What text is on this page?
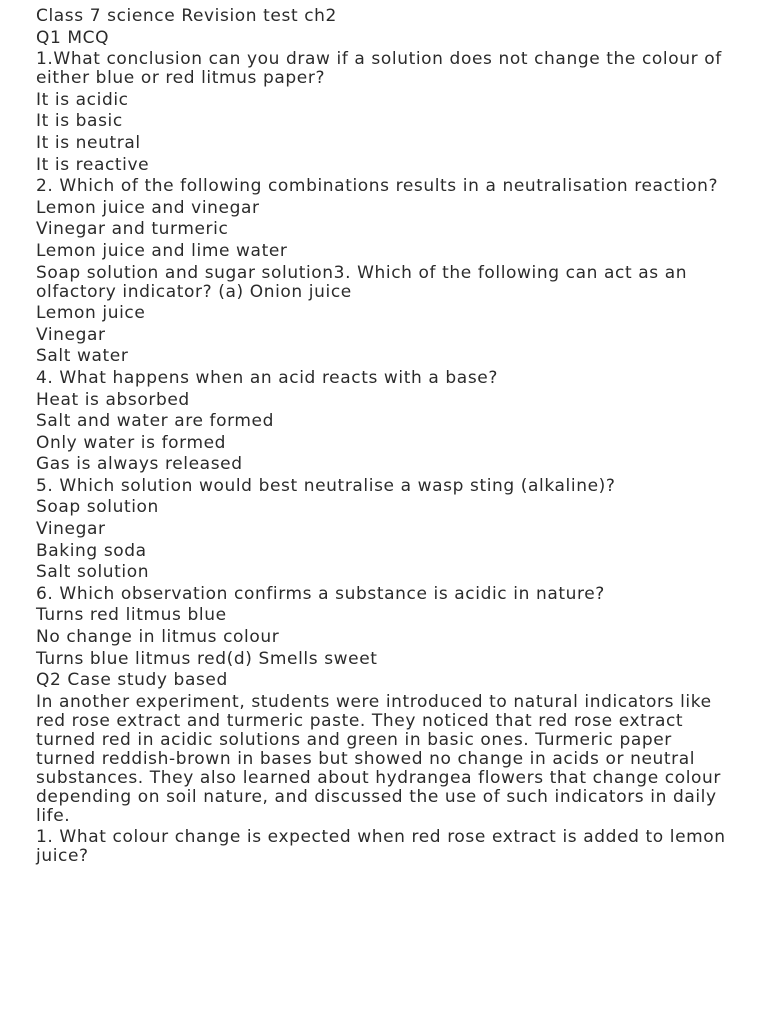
Class 7 science Revision test ch2
Q1 MCQ
1.What conclusion can you draw if a solution does not change the colour of either blue or red litmus paper?
It is acidic
It is basic
It is neutral
It is reactive
2. Which of the following combinations results in a neutralisation reaction?
Lemon juice and vinegar
Vinegar and turmeric
Lemon juice and lime water
Soap solution and sugar solution3. Which of the following can act as an olfactory indicator? (a) Onion juice
Lemon juice
Vinegar
Salt water
4. What happens when an acid reacts with a base?
Heat is absorbed
Salt and water are formed
Only water is formed
Gas is always released
5. Which solution would best neutralise a wasp sting (alkaline)?
Soap solution
Vinegar
Baking soda
Salt solution
6. Which observation confirms a substance is acidic in nature?
Turns red litmus blue
No change in litmus colour
Turns blue litmus red(d) Smells sweet
Q2 Case study based
In another experiment, students were introduced to natural indicators like red rose extract and turmeric paste. They noticed that red rose extract turned red in acidic solutions and green in basic ones. Turmeric paper turned reddish-brown in bases but showed no change in acids or neutral substances. They also learned about hydrangea flowers that change colour depending on soil nature, and discussed the use of such indicators in daily life.
1. What colour change is expected when red rose extract is added to lemon juice?
